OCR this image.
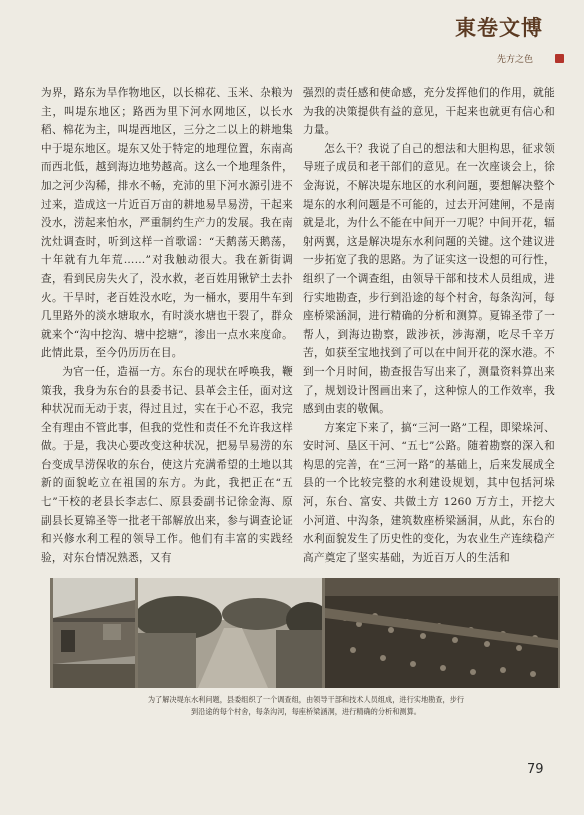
東卷文博
先方之色

为界，路东为旱作物地区，以长棉花、玉米、杂粮为主，叫堤东地区；路西为里下河水网地区，以长水稻、棉花为主，叫堤西地区，三分之二以上的耕地集中于堤东地区。堤东又处于特定的地理位置，东南高而西北低，越到海边地势越高。这么一个地理条件，加之河少沟稀，排水不畅，充沛的里下河水源引进不过来，造成这一片近百万亩的耕地易旱易涝，干起来没水，涝起来怕水，严重制约生产力的发展。我在南沈灶调查时，听到这样一首歌谣：“天鹅荡天鹅荡，十年就有九年荒……”对我触动很大。我在新街调查，看到民房失火了，没水救，老百姓用锹铲土去扑火。干旱时，老百姓没水吃，为一桶水，要用牛车到几里路外的淡水塘取水，有时淡水塘也干裂了，群众就来个“沟中挖沟、塘中挖塘”，渗出一点水来度命。此情此景，至今仍历历在目。

为官一任，造福一方。东台的现状在呼唤我，鞭策我，我身为东台的县委书记、县革会主任，面对这种状况而无动于衷，得过且过，实在于心不忍，我完全有理由不管此事，但我的党性和责任不允许我这样做。于是，我决心要改变这种状况，把易旱易涝的东台变成旱涝保收的东台，使这片充满希望的土地以其新的面貌屹立在祖国的东方。为此，我把正在“五七”干校的老县长李志仁、原县委副书记徐金海、原副县长夏锦圣等一批老干部解放出来，参与调查论证和兴修水利工程的领导工作。他们有丰富的实践经验，对东台情况熟悉，又有

强烈的责任感和使命感，充分发挥他们的作用，就能为我的决策提供有益的意见，干起来也就更有信心和力量。

怎么干？我说了自己的想法和大胆构思，征求领导班子成员和老干部们的意见。在一次座谈会上，徐金海说，不解决堤东地区的水利问题，要想解决整个堤东的水利问题是不可能的，过去开河建闸，不是南就是北，为什么不能在中间开一刀呢？中间开花，辐射两翼，这是解决堤东水利问题的关键。这个建议进一步拓宽了我的思路。为了证实这一设想的可行性，组织了一个调查组，由领导干部和技术人员组成，进行实地勘查，步行到沿途的每个村舍，每条沟河，每座桥梁涵洞，进行精确的分析和测算。夏锦圣带了一帮人，到海边勘察，跋涉祆，涉海潮，吃尽千辛万苦，如获至宝地找到了可以在中间开花的深水港。不到一个月时间，勘查报告写出来了，测量资料算出来了，规划设计图画出来了，这种惊人的工作效率，我感到由衷的敬佩。

方案定下来了，搞“三河一路”工程，即梁垛河、安时河、垦区干河、“五七”公路。随着勘察的深入和构思的完善，在“三河一路”的基础上，后来发展成全县的一个比较完整的水利建设规划，其中包括河垛河，东台、富安、共做土方 1260 万方土，开挖大小河道、中沟条，建筑数座桥梁涵洞，从此，东台的水利面貌发生了历史性的变化，为农业生产连续稳产高产奠定了坚实基础，为近百万人的生活和

为了解决堤东水利问题，县委组织了一个调查组，由领导干部和技术人员组成，进行实地勘查，步行
到沿途的每个村舍，每条沟河，每座桥梁涵洞，进行精确的分析和测算。
79
